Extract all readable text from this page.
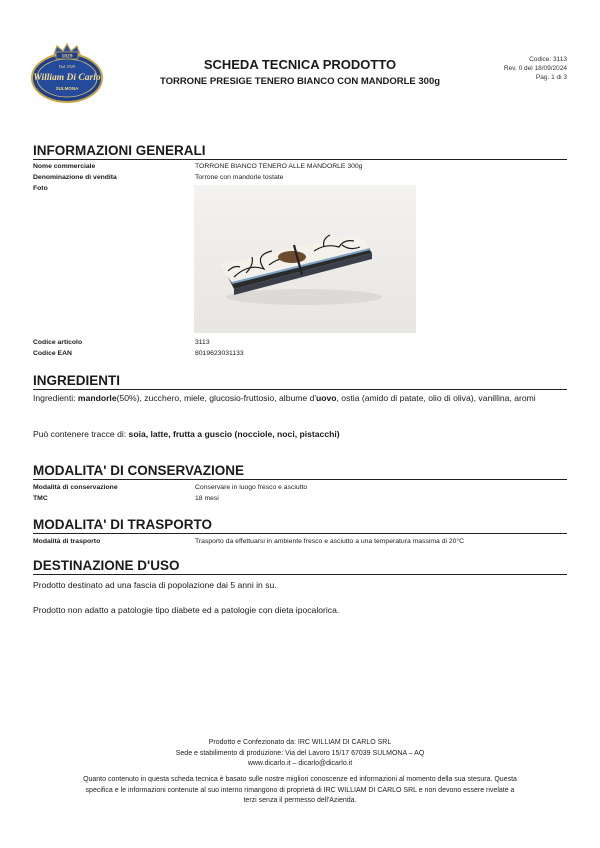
1829
Dal 1829
William Di Carlo
SULMONA
SCHEDA TECNICA PRODOTTO
TORRONE PRESIGE TENERO BIANCO CON MANDORLE 300g
Codice: 3113
Rev. 0 del 18/09/2024
Pag. 1 di 3
INFORMAZIONI GENERALI
Nome commerciale	TORRONE BIANCO TENERO ALLE MANDORLE 300g
Denominazione di vendita	Torrone con mandorle tostate
Foto
Codice articolo	3113
Codice EAN	8019623031133
INGREDIENTI
Ingredienti: mandorle(50%), zucchero, miele, glucosio-fruttosio, albume d'uovo, ostia (amido di patate, olio di oliva), vanillina, aromi
Può contenere tracce di: soia, latte, frutta a guscio (nocciole, noci, pistacchi)
MODALITA' DI CONSERVAZIONE
Modalità di conservazione	Conservare in luogo fresco e asciutto
TMC	18 mesi
MODALITA' DI TRASPORTO
Modalità di trasporto	Trasporto da effettuarsi in ambiente fresco e asciutto a una temperatura massima di 20°C
DESTINAZIONE D'USO
Prodotto destinato ad una fascia di popolazione dai 5 anni in su.
Prodotto non adatto a patologie tipo diabete ed a patologie con dieta ipocalorica.
Prodotto e Confezionato da: IRC WILLIAM DI CARLO SRL
Sede e stabilimento di produzione: Via del Lavoro 15/17 67039 SULMONA – AQ
www.dicarlo.it – dicarlo@dicarlo.it
Quanto contenuto in questa scheda tecnica è basato sulle nostre migliori conoscenze ed informazioni al momento della sua stesura. Questa
specifica e le informazioni contenute al suo interno rimangono di proprietà di IRC WILLIAM DI CARLO SRL e non devono essere rivelate a
terzi senza il permesso dell'Azienda.
